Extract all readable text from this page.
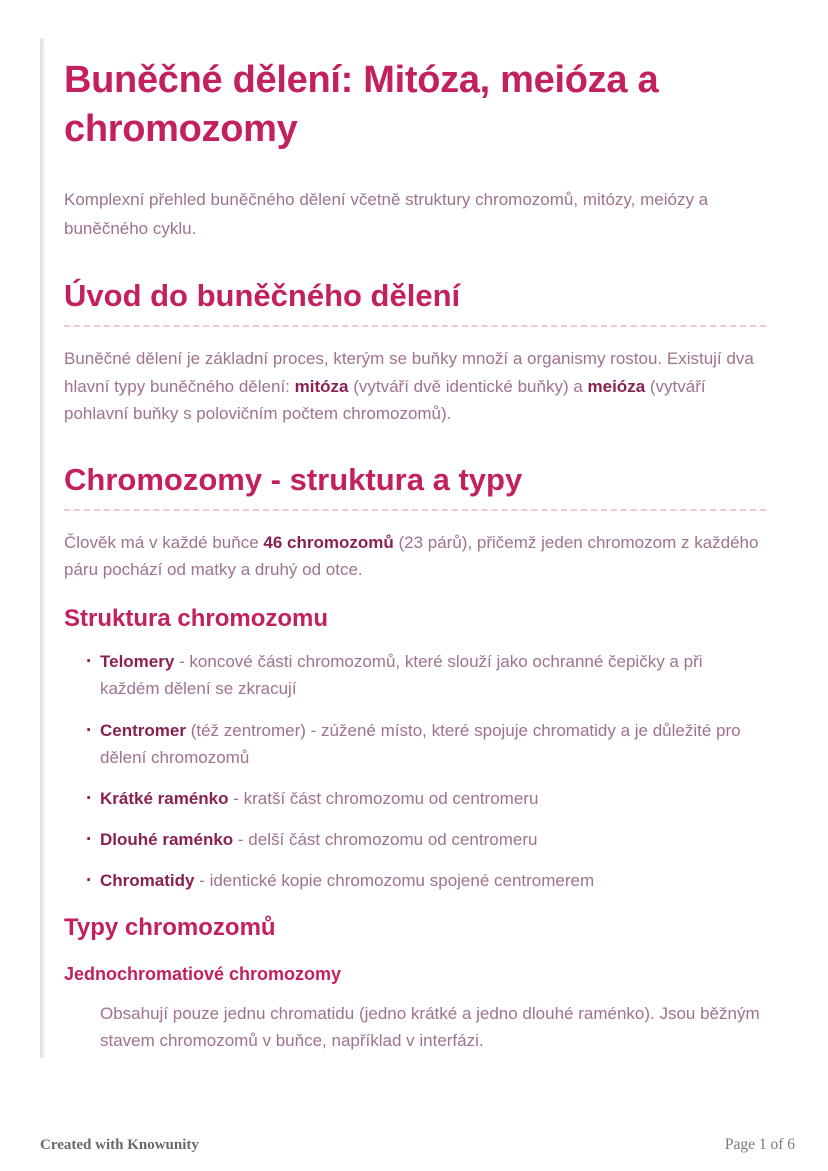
Buněčné dělení: Mitóza, meióza a chromozomy

Komplexní přehled buněčného dělení včetně struktury chromozomů, mitózy, meiózy a buněčného cyklu.

Úvod do buněčného dělení

Buněčné dělení je základní proces, kterým se buňky množí a organismy rostou. Existují dva hlavní typy buněčného dělení: mitóza (vytváří dvě identické buňky) a meióza (vytváří pohlavní buňky s polovičním počtem chromozomů).

Chromozomy - struktura a typy

Člověk má v každé buňce 46 chromozomů (23 párů), přičemž jeden chromozom z každého páru pochází od matky a druhý od otce.

Struktura chromozomu
· Telomery - koncové části chromozomů, které slouží jako ochranné čepičky a při každém dělení se zkracují
· Centromer (též zentromer) - zúžené místo, které spojuje chromatidy a je důležité pro dělení chromozomů
· Krátké raménko - kratší část chromozomu od centromeru
· Dlouhé raménko - delší část chromozomu od centromeru
· Chromatidy - identické kopie chromozomu spojené centromerem
Typy chromozomů
Jednochromatiové chromozomy

Obsahují pouze jednu chromatidu (jedno krátké a jedno dlouhé raménko). Jsou běžným stavem chromozomů v buňce, například v interfázi.

Created with Knowunity	Page 1 of 6
